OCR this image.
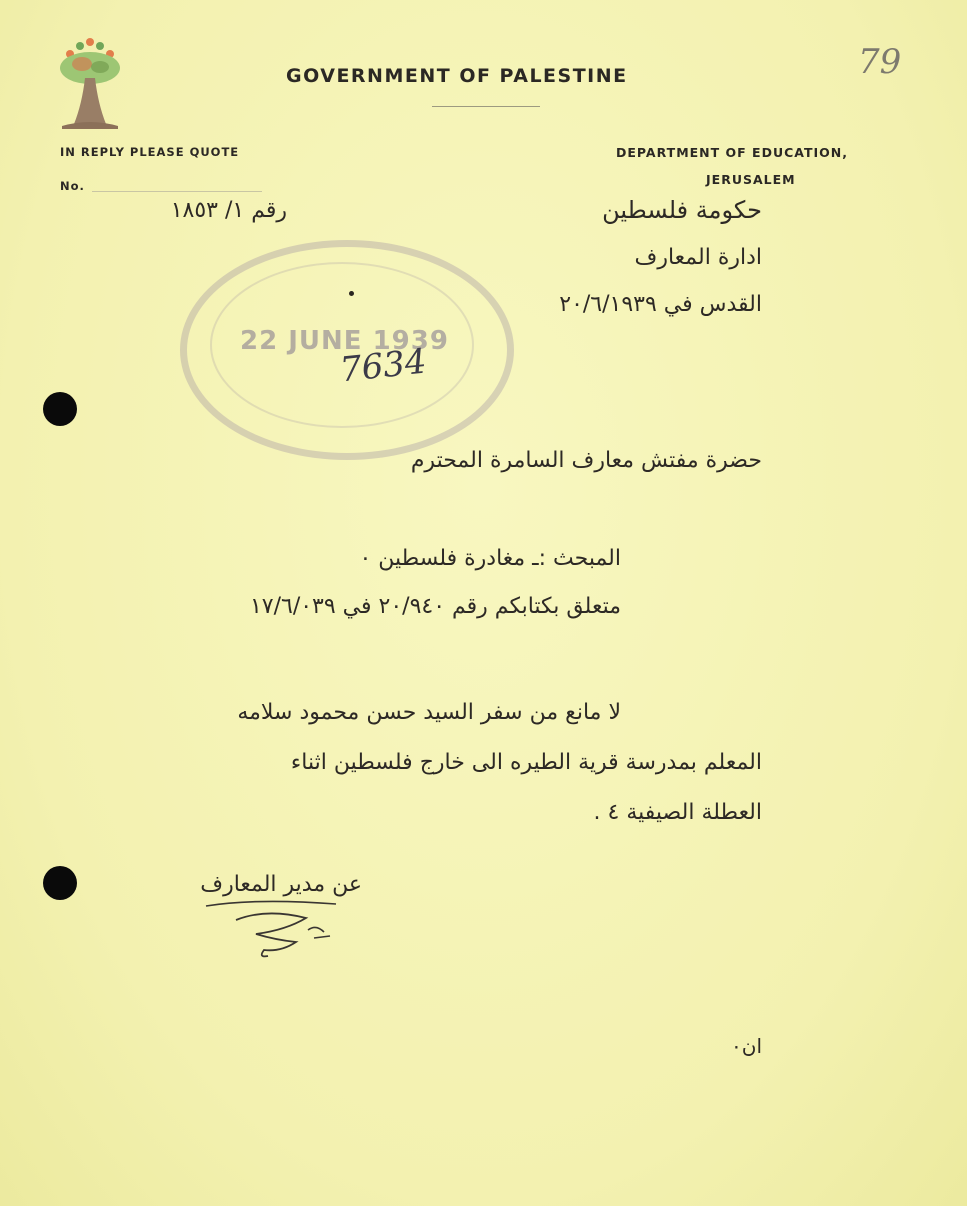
79
GOVERNMENT OF PALESTINE
IN REPLY PLEASE QUOTE
No.
DEPARTMENT OF EDUCATION,
JERUSALEM
رقم ١/ ١٨٥٣	حكومة فلسطين
ادارة المعارف
القدس في ٢٠/٦/١٩٣٩
22 JUNE 1939
7634
حضرة مفتش معارف السامرة المحترم
المبحث :ـ مغادرة فلسطين ٠
متعلق بكتابكم رقم ٢٠/٩٤٠ في ١٧/٦/٠٣٩
لا مانع من سفر السيد حسن محمود سلامه
المعلم بمدرسة قرية الطيره الى خارج فلسطين اثناء
العطلة الصيفية ٤ .
عن مدير المعارف
ان٠
